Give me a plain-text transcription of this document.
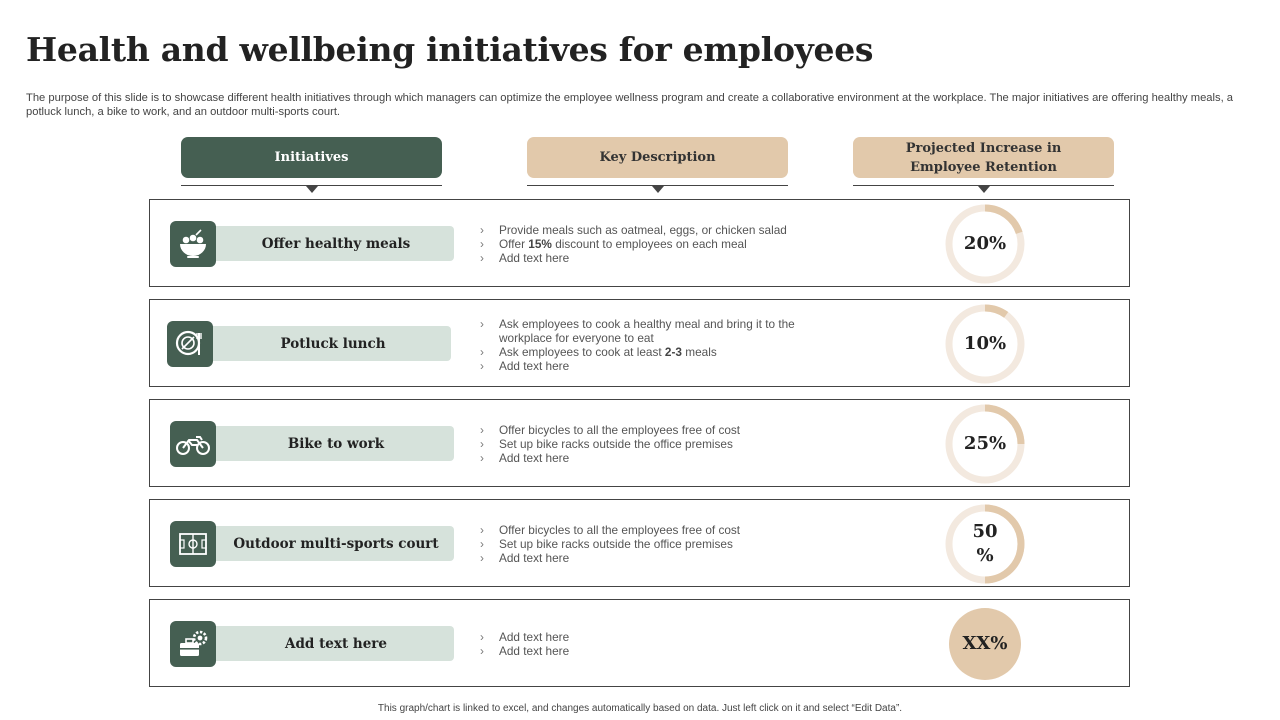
Health and wellbeing initiatives for employees
The purpose of this slide is to showcase different health initiatives through which managers can optimize the employee wellness program and create a collaborative environment at the workplace. The major initiatives are offering healthy meals, a potluck lunch, a bike to work, and an outdoor multi-sports court.
Initiatives	Key Description
Projected Increase in Employee Retention
Offer healthy meals
› Provide meals such as oatmeal, eggs, or chicken salad
› Offer 15% discount to employees on each meal
› Add text here
20%
Potluck lunch
› Ask employees to cook a healthy meal and bring it to the workplace for everyone to eat
› Ask employees to cook at least 2-3 meals
› Add text here
10%
Bike to work
› Offer bicycles to all the employees free of cost
› Set up bike racks outside the office premises
› Add text here
25%
Outdoor multi-sports court
› Offer bicycles to all the employees free of cost
› Set up bike racks outside the office premises
› Add text here
50 %
Add text here
›	Add text here
› Add text here	XX%
This graph/chart is linked to excel, and changes automatically based on data. Just left click on it and select “Edit Data”.
